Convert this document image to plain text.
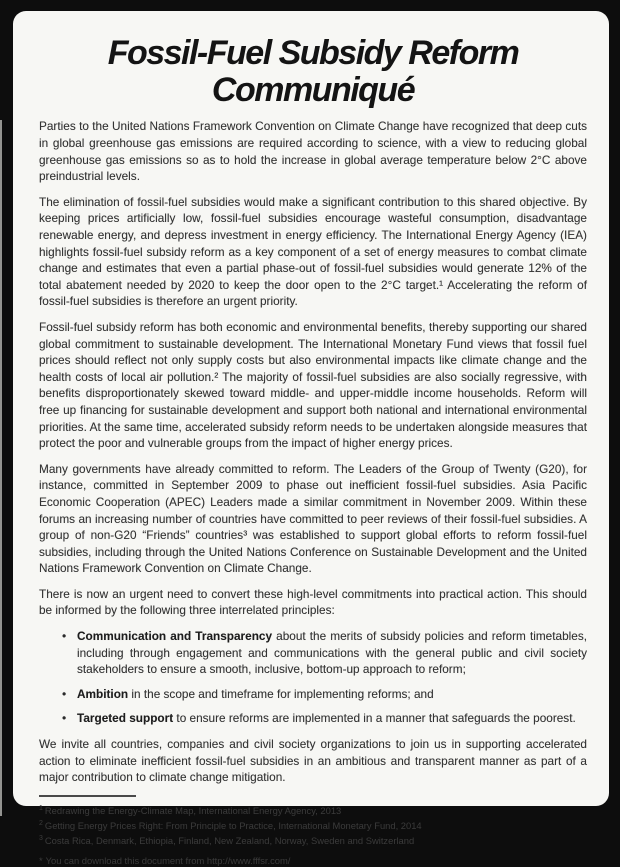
Fossil-Fuel Subsidy Reform
Communiqué

Parties to the United Nations Framework Convention on Climate Change have recognized that deep cuts in global greenhouse gas emissions are required according to science, with a view to reducing global greenhouse gas emissions so as to hold the increase in global average temperature below 2°C above preindustrial levels.

The elimination of fossil-fuel subsidies would make a significant contribution to this shared objective. By keeping prices artificially low, fossil-fuel subsidies encourage wasteful consumption, disadvantage renewable energy, and depress investment in energy efficiency. The International Energy Agency (IEA) highlights fossil-fuel subsidy reform as a key component of a set of energy measures to combat climate change and estimates that even a partial phase-out of fossil-fuel subsidies would generate 12% of the total abatement needed by 2020 to keep the door open to the 2°C target.¹ Accelerating the reform of fossil-fuel subsidies is therefore an urgent priority.

Fossil-fuel subsidy reform has both economic and environmental benefits, thereby supporting our shared global commitment to sustainable development. The International Monetary Fund views that fossil fuel prices should reflect not only supply costs but also environmental impacts like climate change and the health costs of local air pollution.² The majority of fossil-fuel subsidies are also socially regressive, with benefits disproportionately skewed toward middle- and upper-middle income households. Reform will free up financing for sustainable development and support both national and international environmental priorities. At the same time, accelerated subsidy reform needs to be undertaken alongside measures that protect the poor and vulnerable groups from the impact of higher energy prices.

Many governments have already committed to reform. The Leaders of the Group of Twenty (G20), for instance, committed in September 2009 to phase out inefficient fossil-fuel subsidies. Asia Pacific Economic Cooperation (APEC) Leaders made a similar commitment in November 2009. Within these forums an increasing number of countries have committed to peer reviews of their fossil-fuel subsidies. A group of non-G20 “Friends” countries³ was established to support global efforts to reform fossil-fuel subsidies, including through the United Nations Conference on Sustainable Development and the United Nations Framework Convention on Climate Change.

There is now an urgent need to convert these high-level commitments into practical action. This should be informed by the following three interrelated principles:

• Communication and Transparency about the merits of subsidy policies and reform timetables, including through engagement and communications with the general public and civil society stakeholders to ensure a smooth, inclusive, bottom-up approach to reform;
• Ambition in the scope and timeframe for implementing reforms; and
• Targeted support to ensure reforms are implemented in a manner that safeguards the poorest.

We invite all countries, companies and civil society organizations to join us in supporting accelerated action to eliminate inefficient fossil-fuel subsidies in an ambitious and transparent manner as part of a major contribution to climate change mitigation.

$^1$ Redrawing the Energy-Climate Map, International Energy Agency, 2013
$^2$ Getting Energy Prices Right: From Principle to Practice, International Monetary Fund, 2014
$^3$ Costa Rica, Denmark, Ethiopia, Finland, New Zealand, Norway, Sweden and Switzerland
* You can download this document from http://www.fffsr.com/
